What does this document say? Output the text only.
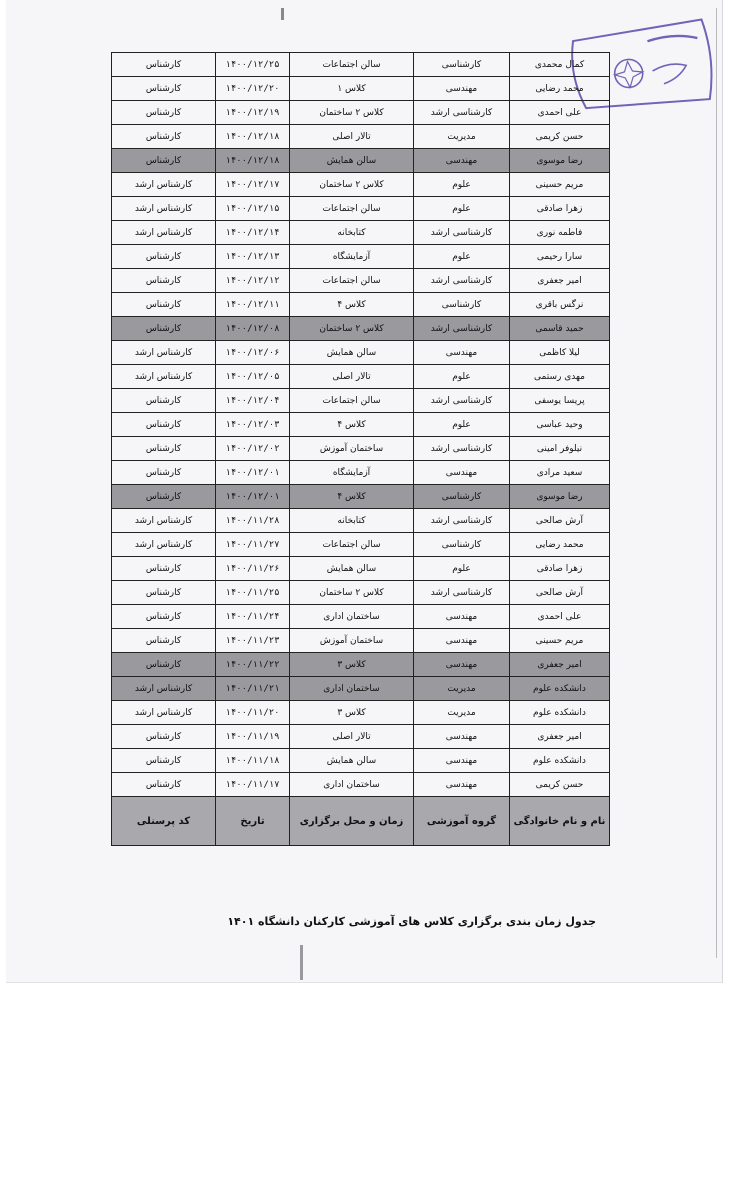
کارشناس	۱۴۰۰/۱۲/۲۵	سالن اجتماعات	کارشناسی	کمال محمدی
کارشناس	۱۴۰۰/۱۲/۲۰	کلاس ۱	مهندسی	محمد رضایی
کارشناس	۱۴۰۰/۱۲/۱۹	کلاس ۲ ساختمان	کارشناسی ارشد	علی احمدی
کارشناس	۱۴۰۰/۱۲/۱۸	تالار اصلی	مدیریت	حسن کریمی
کارشناس	۱۴۰۰/۱۲/۱۸	سالن همایش	مهندسی	رضا موسوی
کارشناس ارشد	۱۴۰۰/۱۲/۱۷	کلاس ۲ ساختمان	علوم	مریم حسینی
کارشناس ارشد	۱۴۰۰/۱۲/۱۵	سالن اجتماعات	علوم	زهرا صادقی
کارشناس ارشد	۱۴۰۰/۱۲/۱۴	کتابخانه	کارشناسی ارشد	فاطمه نوری
کارشناس	۱۴۰۰/۱۲/۱۳	آزمایشگاه	علوم	سارا رحیمی
کارشناس	۱۴۰۰/۱۲/۱۲	سالن اجتماعات	کارشناسی ارشد	امیر جعفری
کارشناس	۱۴۰۰/۱۲/۱۱	کلاس ۴	کارشناسی	نرگس باقری
کارشناس	۱۴۰۰/۱۲/۰۸	کلاس ۲ ساختمان	کارشناسی ارشد	حمید قاسمی
کارشناس ارشد	۱۴۰۰/۱۲/۰۶	سالن همایش	مهندسی	لیلا کاظمی
کارشناس ارشد	۱۴۰۰/۱۲/۰۵	تالار اصلی	علوم	مهدی رستمی
کارشناس	۱۴۰۰/۱۲/۰۴	سالن اجتماعات	کارشناسی ارشد	پریسا یوسفی
کارشناس	۱۴۰۰/۱۲/۰۳	کلاس ۴	علوم	وحید عباسی
کارشناس	۱۴۰۰/۱۲/۰۲	ساختمان آموزش	کارشناسی ارشد	نیلوفر امینی
کارشناس	۱۴۰۰/۱۲/۰۱	آزمایشگاه	مهندسی	سعید مرادی
کارشناس	۱۴۰۰/۱۲/۰۱	کلاس ۴	کارشناسی	رضا موسوی
کارشناس ارشد	۱۴۰۰/۱۱/۲۸	کتابخانه	کارشناسی ارشد	آرش صالحی
کارشناس ارشد	۱۴۰۰/۱۱/۲۷	سالن اجتماعات	کارشناسی	محمد رضایی
کارشناس	۱۴۰۰/۱۱/۲۶	سالن همایش	علوم	زهرا صادقی
کارشناس	۱۴۰۰/۱۱/۲۵	کلاس ۲ ساختمان	کارشناسی ارشد	آرش صالحی
کارشناس	۱۴۰۰/۱۱/۲۴	ساختمان اداری	مهندسی	علی احمدی
کارشناس	۱۴۰۰/۱۱/۲۳	ساختمان آموزش	مهندسی	مریم حسینی
کارشناس	۱۴۰۰/۱۱/۲۲	کلاس ۳	مهندسی	امیر جعفری
کارشناس ارشد	۱۴۰۰/۱۱/۲۱	ساختمان اداری	مدیریت	دانشکده علوم
کارشناس ارشد	۱۴۰۰/۱۱/۲۰	کلاس ۳	مدیریت	دانشکده علوم
کارشناس	۱۴۰۰/۱۱/۱۹	تالار اصلی	مهندسی	امیر جعفری
کارشناس	۱۴۰۰/۱۱/۱۸	سالن همایش	مهندسی	دانشکده علوم
کارشناس	۱۴۰۰/۱۱/۱۷	ساختمان اداری	مهندسی	حسن کریمی
کد پرسنلی	تاریخ	زمان و محل برگزاری	گروه آموزشی	نام و نام خانوادگی
جدول زمان بندی برگزاری کلاس های آموزشی کارکنان دانشگاه ۱۴۰۱
